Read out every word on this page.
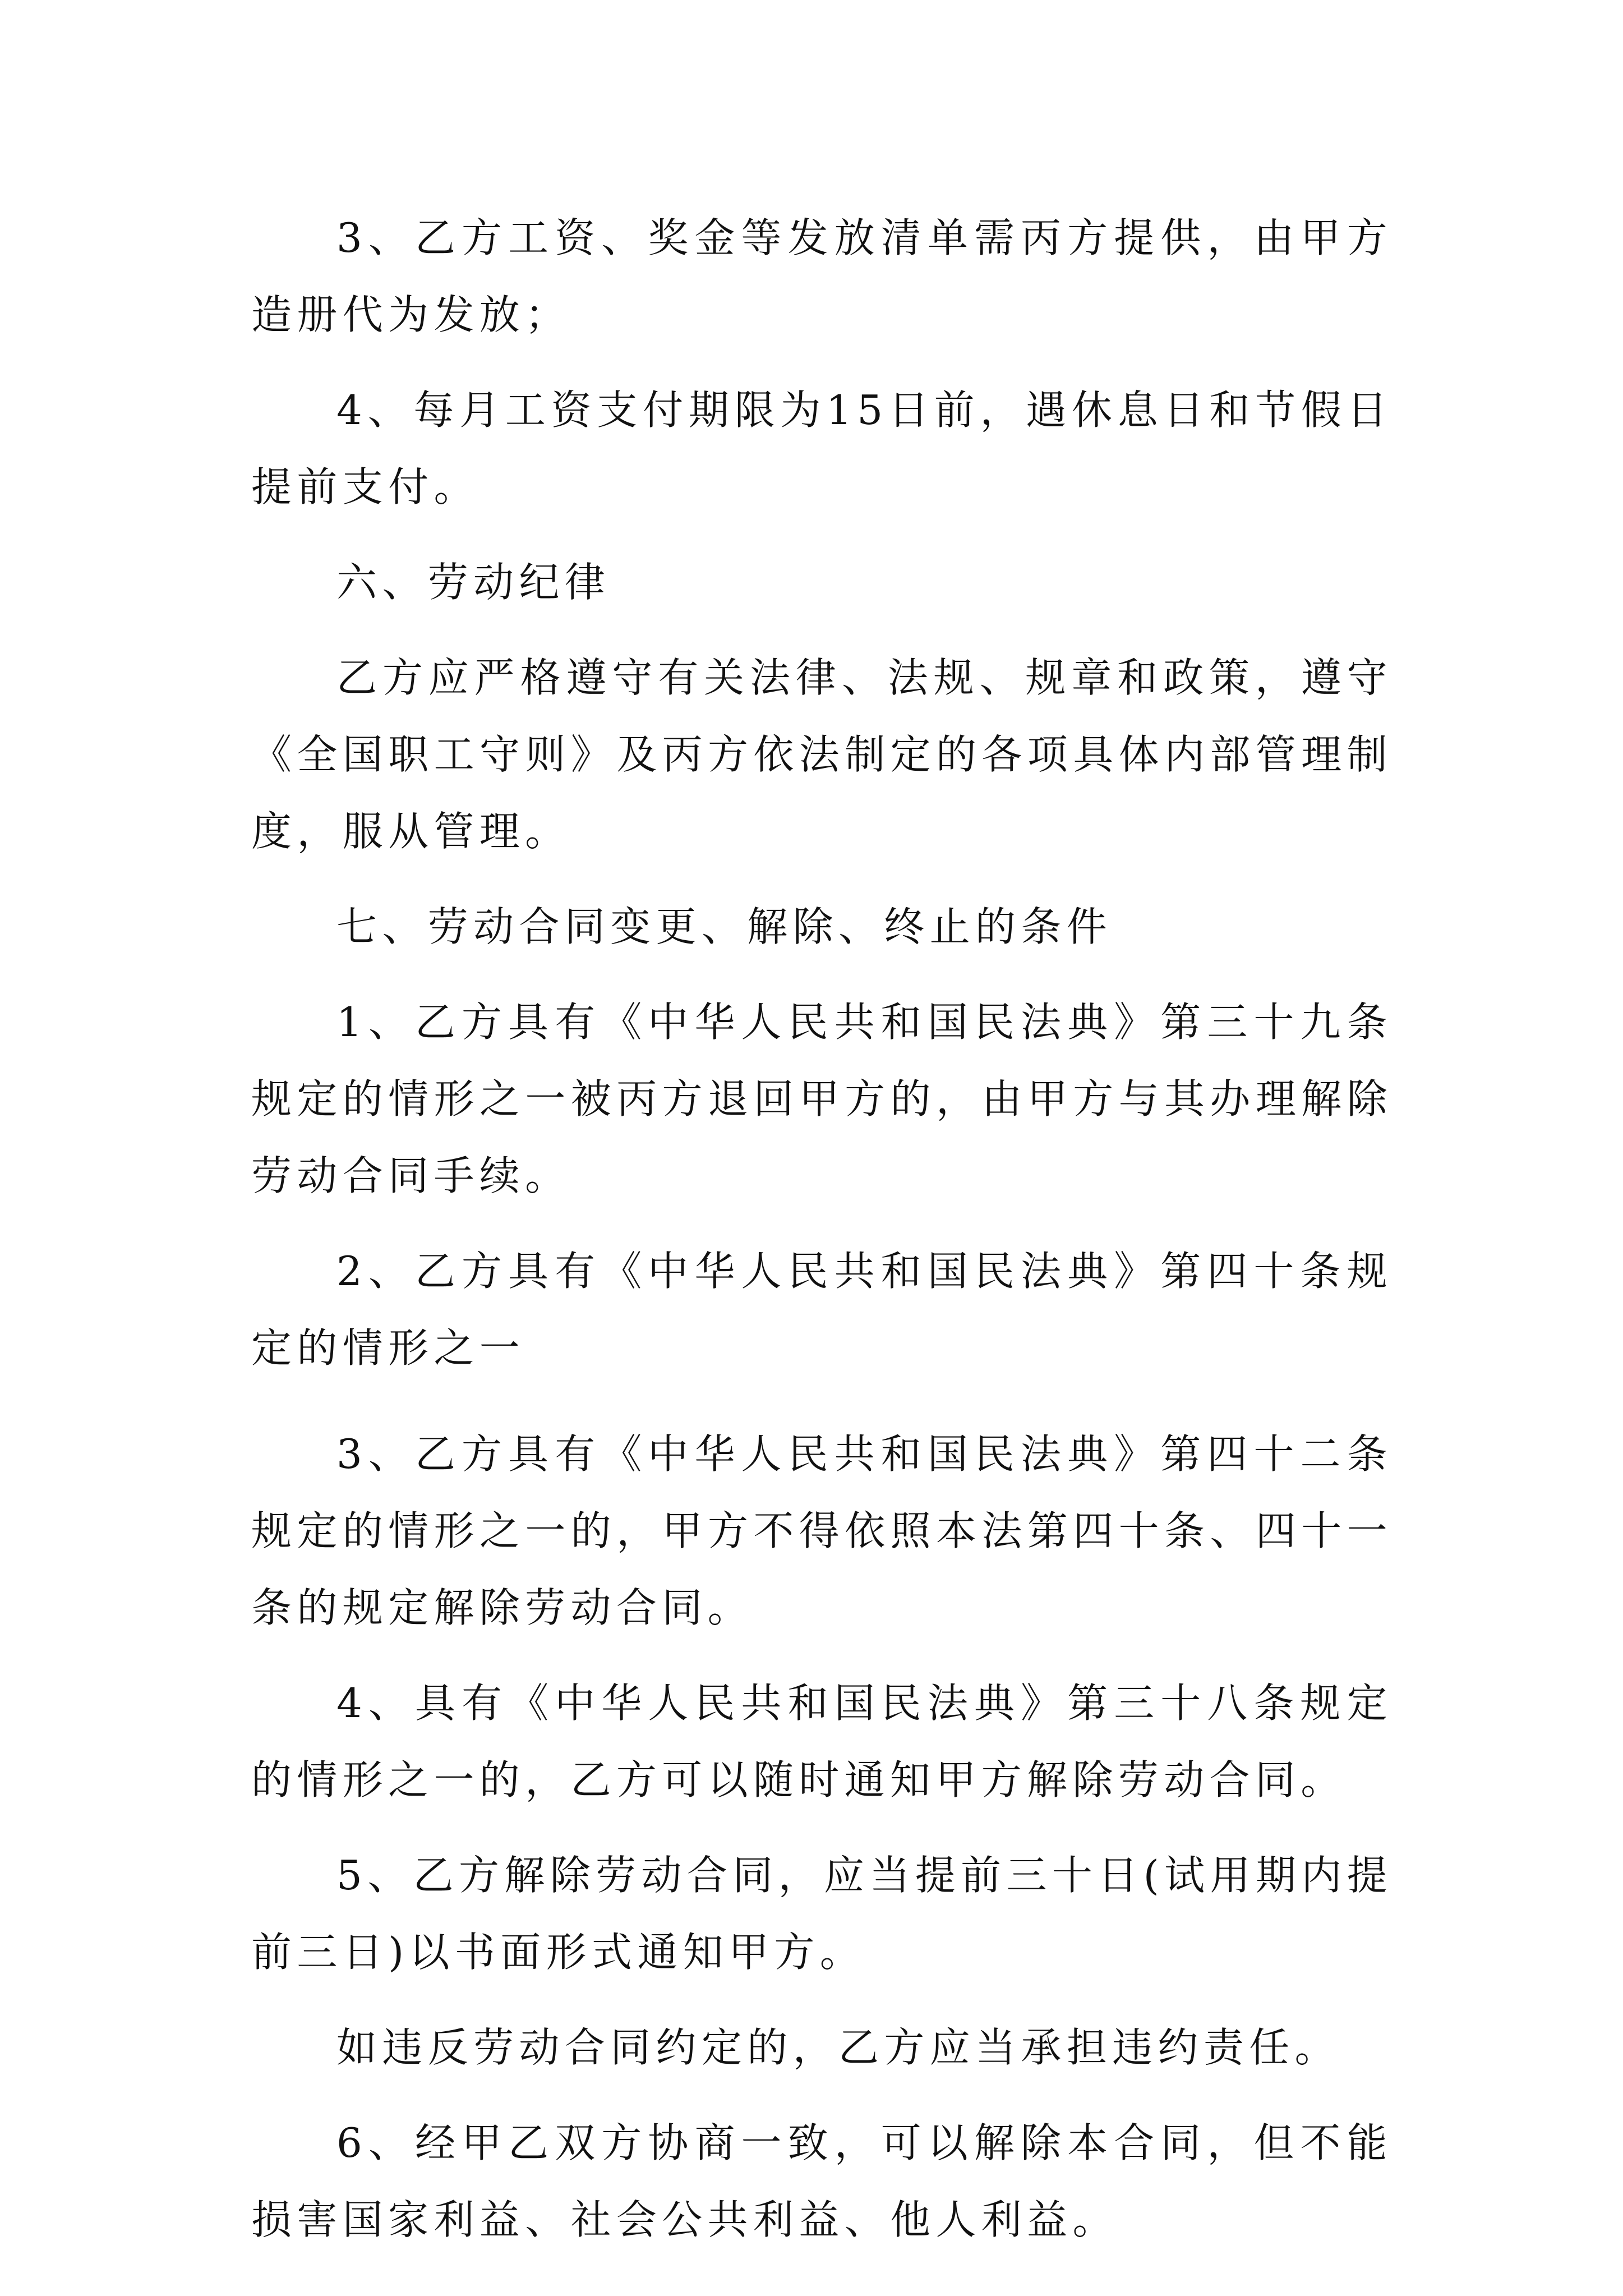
3、乙方工资、奖金等发放清单需丙方提供，由甲方造册代为发放；

4、每月工资支付期限为15日前，遇休息日和节假日提前支付。

六、劳动纪律

乙方应严格遵守有关法律、法规、规章和政策，遵守《全国职工守则》及丙方依法制定的各项具体内部管理制度，服从管理。

七、劳动合同变更、解除、终止的条件

1、乙方具有《中华人民共和国民法典》第三十九条规定的情形之一被丙方退回甲方的，由甲方与其办理解除劳动合同手续。

2、乙方具有《中华人民共和国民法典》第四十条规定的情形之一

3、乙方具有《中华人民共和国民法典》第四十二条规定的情形之一的，甲方不得依照本法第四十条、四十一条的规定解除劳动合同。

4、具有《中华人民共和国民法典》第三十八条规定的情形之一的，乙方可以随时通知甲方解除劳动合同。

5、乙方解除劳动合同，应当提前三十日(试用期内提前三日)以书面形式通知甲方。

如违反劳动合同约定的，乙方应当承担违约责任。

6、经甲乙双方协商一致，可以解除本合同，但不能损害国家利益、社会公共利益、他人利益。
